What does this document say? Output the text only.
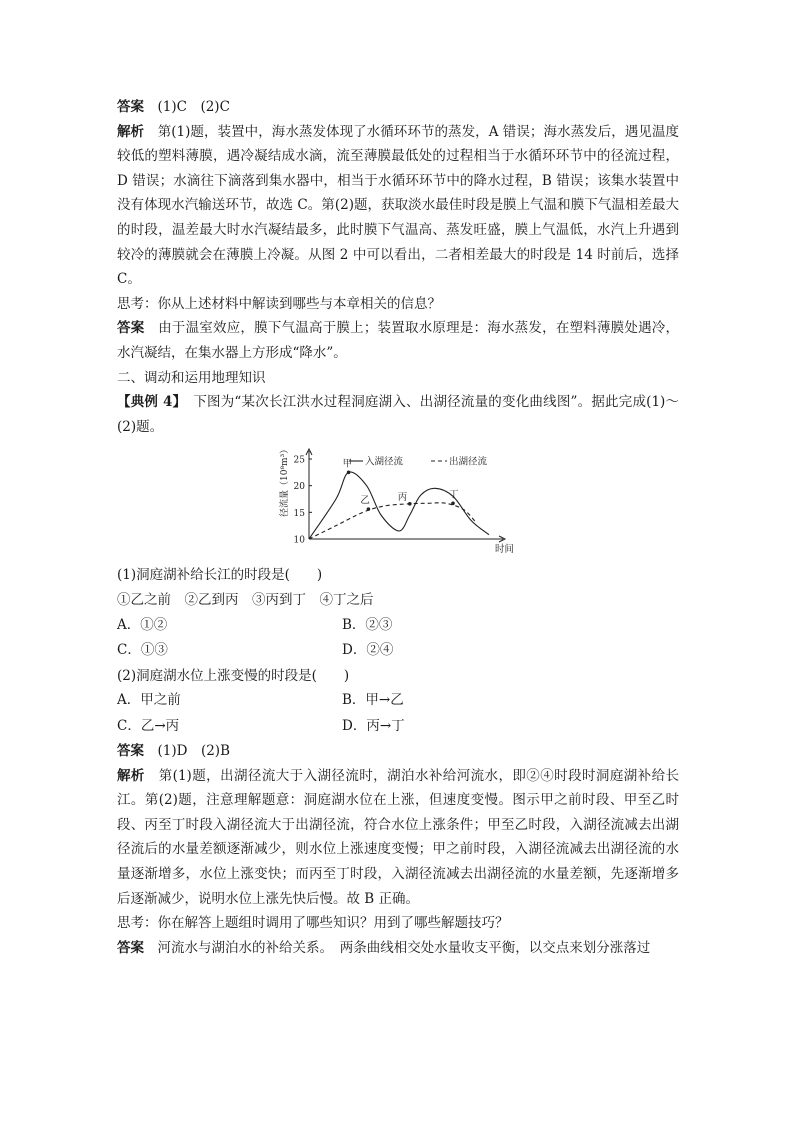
答案　 (1)C　(2)C

解析　 第(1)题，装置中，海水蒸发体现了水循环环节的蒸发，A 错误；海水蒸发后，遇见温度较低的塑料薄膜，遇冷凝结成水滴，流至薄膜最低处的过程相当于水循环环节中的径流过程，D 错误；水滴往下滴落到集水器中，相当于水循环环节中的降水过程，B 错误；该集水装置中没有体现水汽输送环节，故选 C。第(2)题，获取淡水最佳时段是膜上气温和膜下气温相差最大的时段，温差最大时水汽凝结最多，此时膜下气温高、蒸发旺盛，膜上气温低，水汽上升遇到较冷的薄膜就会在薄膜上冷凝。从图 2 中可以看出，二者相差最大的时段是 14 时前后，选择 C。

思考：你从上述材料中解读到哪些与本章相关的信息？

答案　 由于温室效应，膜下气温高于膜上；装置取水原理是：海水蒸发，在塑料薄膜处遇冷，水汽凝结，在集水器上方形成“降水”。

二、调动和运用地理知识

【典例 4】　 下图为“某次长江洪水过程洞庭湖入、出湖径流量的变化曲线图”。据此完成(1)～(2)题。

10
15
20
25
径流量（10⁸m³）
时间
入湖径流	出湖径流
甲
乙	丙	丁

(1)洞庭湖补给长江的时段是(　　)

①乙之前　②乙到丙　③丙到丁　④丁之后

A．①②	B．②③
C．①③	D．②④

(2)洞庭湖水位上涨变慢的时段是(　　)

A．甲之前	B．甲→乙
C．乙→丙	D．丙→丁

答案　 (1)D　(2)B

解析　 第(1)题，出湖径流大于入湖径流时，湖泊水补给河流水，即②④时段时洞庭湖补给长江。第(2)题，注意理解题意：洞庭湖水位在上涨，但速度变慢。图示甲之前时段、甲至乙时段、丙至丁时段入湖径流大于出湖径流，符合水位上涨条件；甲至乙时段，入湖径流减去出湖径流后的水量差额逐渐减少，则水位上涨速度变慢；甲之前时段，入湖径流减去出湖径流的水量逐渐增多，水位上涨变快；而丙至丁时段，入湖径流减去出湖径流的水量差额，先逐渐增多后逐渐减少，说明水位上涨先快后慢。故 B 正确。

思考：你在解答上题组时调用了哪些知识？用到了哪些解题技巧？

答案　 河流水与湖泊水的补给关系。　两条曲线相交处水量收支平衡，以交点来划分涨落过
